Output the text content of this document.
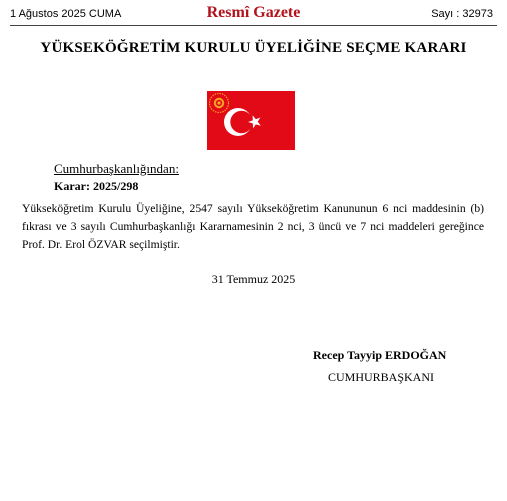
1 Ağustos 2025 CUMA	Resmî Gazete	Sayı : 32973
YÜKSEKÖĞRETİM KURULU ÜYELİĞİNE SEÇME KARARI
Cumhurbaşkanlığından:
Karar: 2025/298
Yükseköğretim Kurulu Üyeliğine, 2547 sayılı Yükseköğretim Kanununun 6 nci maddesinin (b) fıkrası ve 3 sayılı Cumhurbaşkanlığı Kararnamesinin 2 nci, 3 üncü ve 7 nci maddeleri gereğince Prof. Dr. Erol ÖZVAR seçilmiştir.
31 Temmuz 2025
Recep Tayyip ERDOĞAN
CUMHURBAŞKANI
